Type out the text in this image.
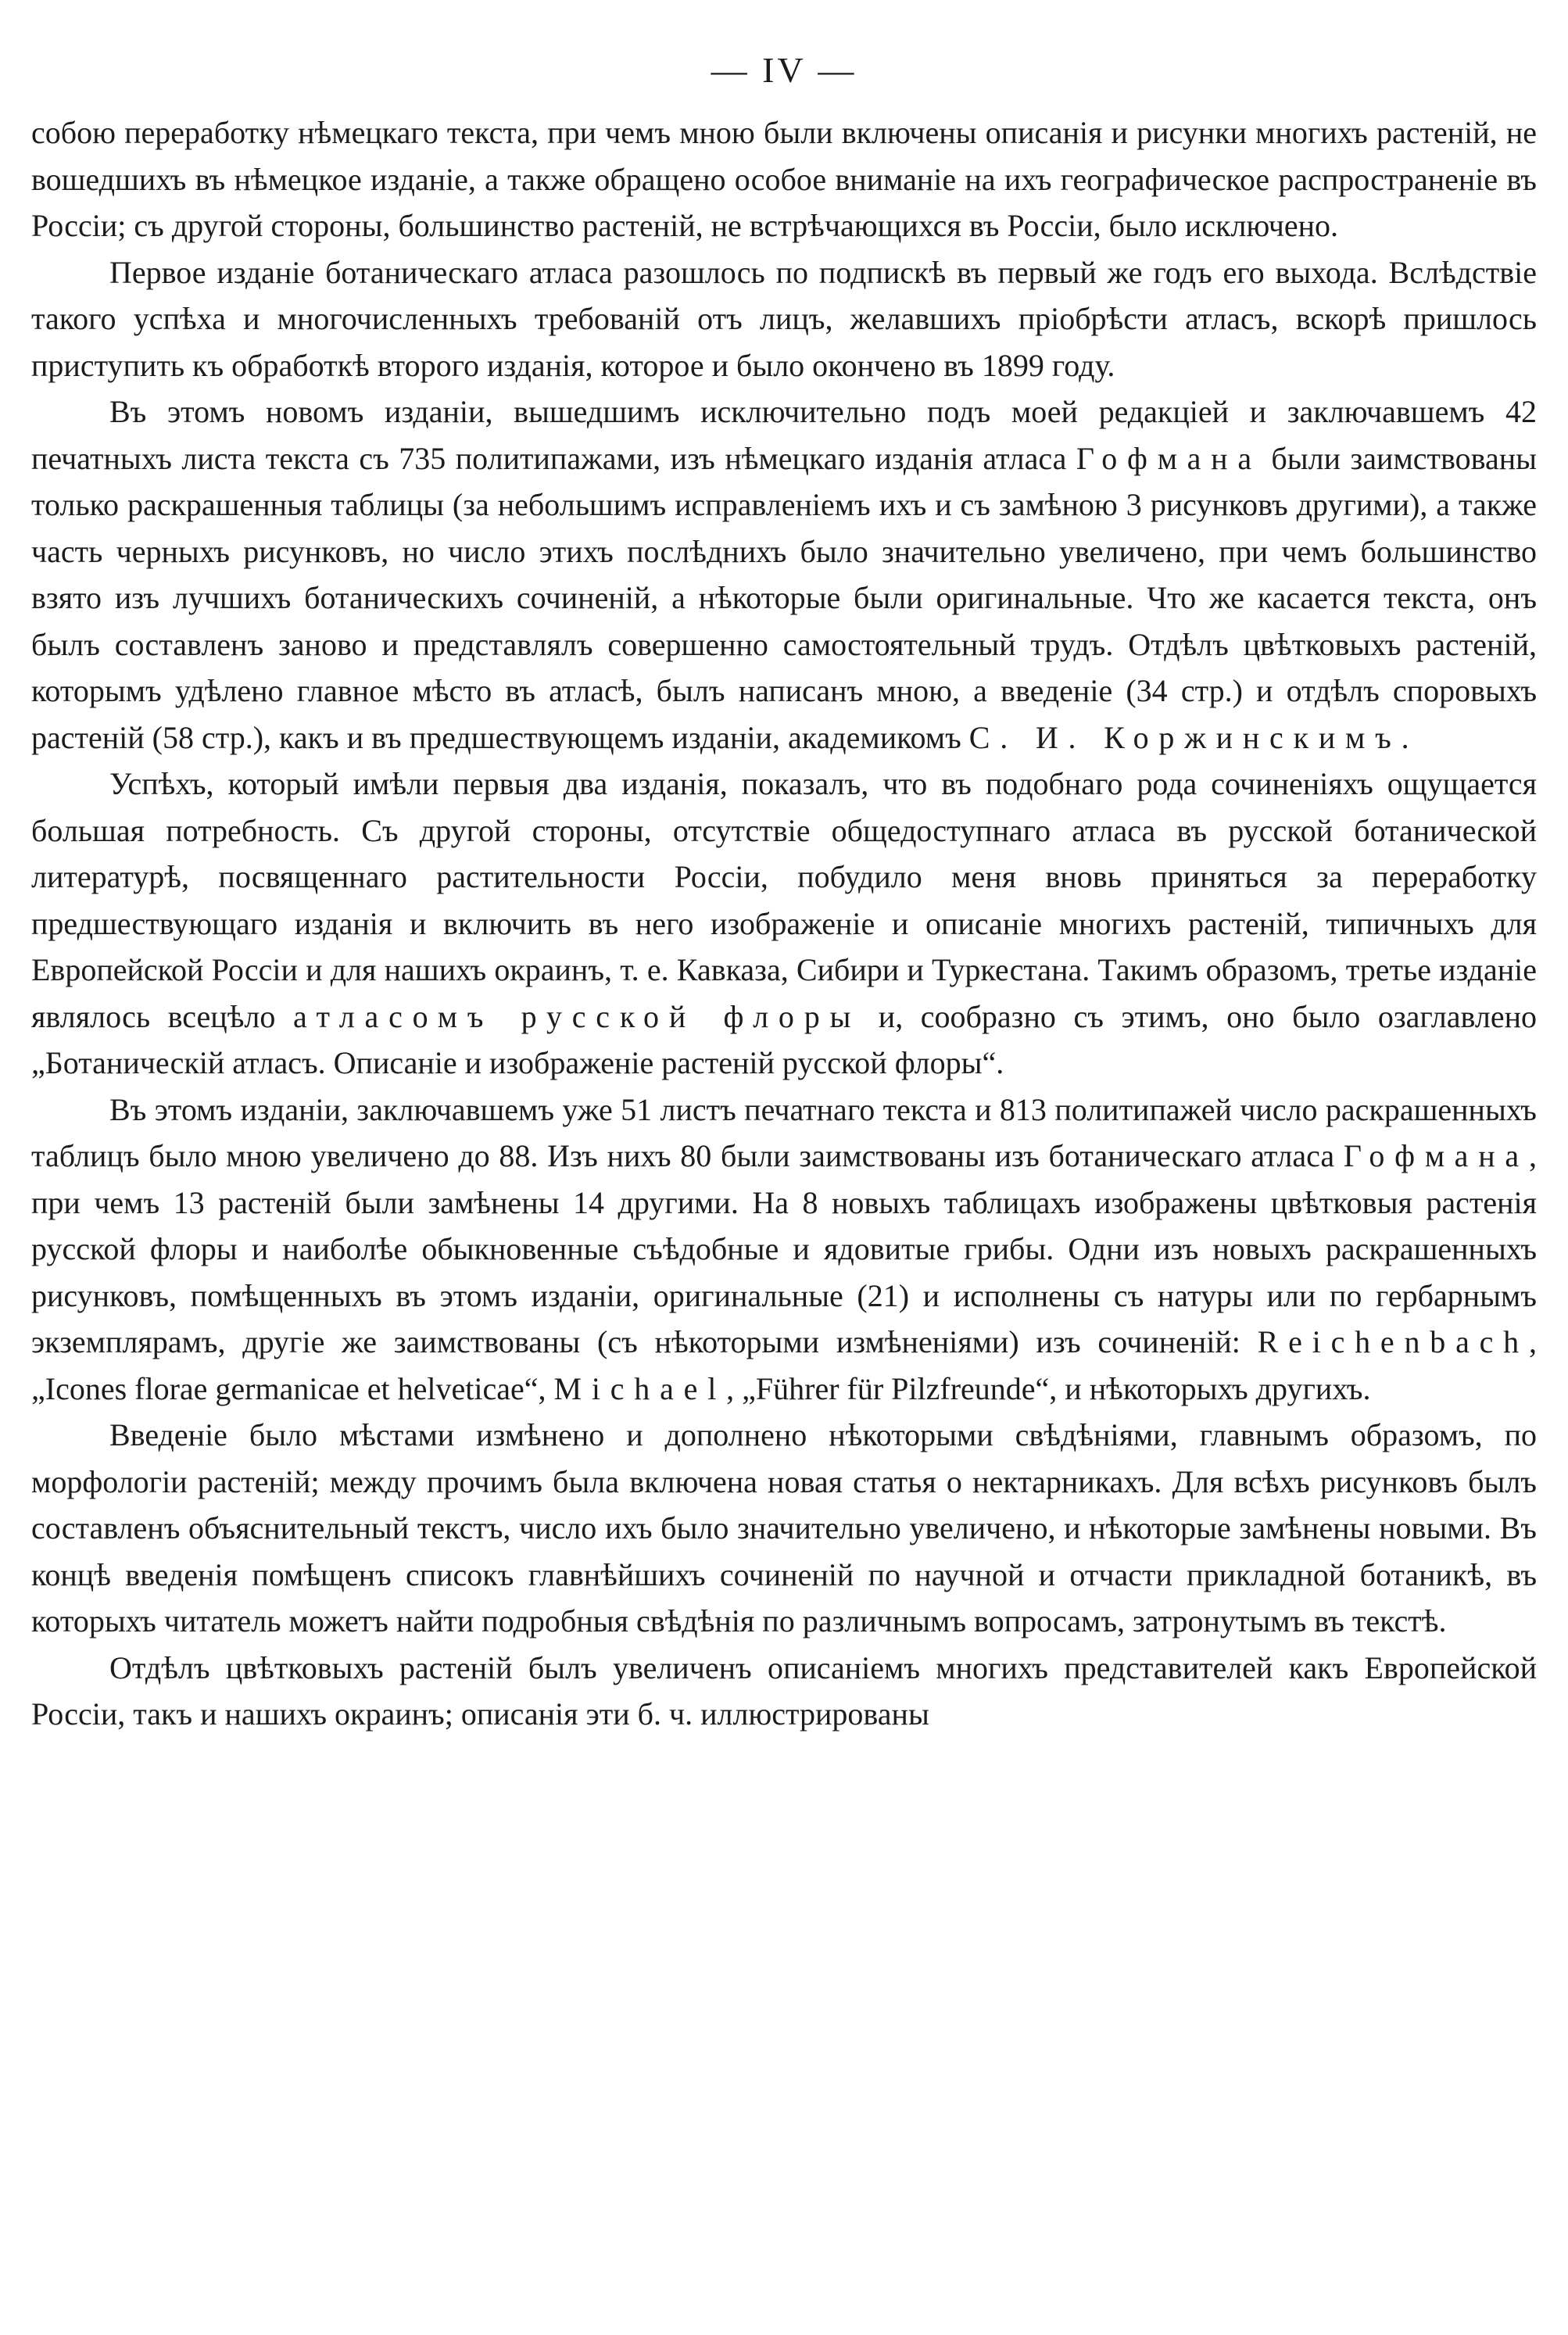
— IV —

собою переработку нѣмецкаго текста, при чемъ мною были включены описанія и рисунки многихъ растеній, не вошедшихъ въ нѣмецкое изданіе, а также обращено особое вниманіе на ихъ географическое распространеніе въ Россіи; съ другой стороны, большинство растеній, не встрѣчающихся въ Россіи, было исключено.

Первое изданіе ботаническаго атласа разошлось по подпискѣ въ первый же годъ его выхода. Вслѣдствіе такого успѣха и многочисленныхъ требованій отъ лицъ, желавшихъ пріобрѣсти атласъ, вскорѣ пришлось приступить къ обработкѣ второго изданія, которое и было окончено въ 1899 году.

Въ этомъ новомъ изданіи, вышедшимъ исключительно подъ моей редакціей и заключавшемъ 42 печатныхъ листа текста съ 735 политипажами, изъ нѣмецкаго изданія атласа Гофмана были заимствованы только раскрашенныя таблицы (за небольшимъ исправленіемъ ихъ и съ замѣною 3 рисунковъ другими), а также часть черныхъ рисунковъ, но число этихъ послѣднихъ было значительно увеличено, при чемъ большинство взято изъ лучшихъ ботаническихъ сочиненій, а нѣкоторые были оригинальные. Что же касается текста, онъ былъ составленъ заново и представлялъ совершенно самостоятельный трудъ. Отдѣлъ цвѣтковыхъ растеній, которымъ удѣлено главное мѣсто въ атласѣ, былъ написанъ мною, а введеніе (34 стр.) и отдѣлъ споровыхъ растеній (58 стр.), какъ и въ предшествующемъ изданіи, академикомъ С. И. Коржинскимъ.

Успѣхъ, который имѣли первыя два изданія, показалъ, что въ подобнаго рода сочиненіяхъ ощущается большая потребность. Съ другой стороны, отсутствіе общедоступнаго атласа въ русской ботанической литературѣ, посвященнаго растительности Россіи, побудило меня вновь приняться за переработку предшествующаго изданія и включить въ него изображеніе и описаніе многихъ растеній, типичныхъ для Европейской Россіи и для нашихъ окраинъ, т. е. Кавказа, Сибири и Туркестана. Такимъ образомъ, третье изданіе являлось всецѣло атласомъ русской флоры и, сообразно съ этимъ, оно было озаглавлено „Ботаническій атласъ. Описаніе и изображеніе растеній русской флоры“.

Въ этомъ изданіи, заключавшемъ уже 51 листъ печатнаго текста и 813 политипажей число раскрашенныхъ таблицъ было мною увеличено до 88. Изъ нихъ 80 были заимствованы изъ ботаническаго атласа Гофмана, при чемъ 13 растеній были замѣнены 14 другими. На 8 новыхъ таблицахъ изображены цвѣтковыя растенія русской флоры и наиболѣе обыкновенные съѣдобные и ядовитые грибы. Одни изъ новыхъ раскрашенныхъ рисунковъ, помѣщенныхъ въ этомъ изданіи, оригинальные (21) и исполнены съ натуры или по гербарнымъ экземплярамъ, другіе же заимствованы (съ нѣкоторыми измѣненіями) изъ сочиненій: Reichenbach, „Icones florae germanicae et helveticae“, Michael, „Führer für Pilzfreunde“, и нѣкоторыхъ другихъ.

Введеніе было мѣстами измѣнено и дополнено нѣкоторыми свѣдѣніями, главнымъ образомъ, по морфологіи растеній; между прочимъ была включена новая статья о нектарникахъ. Для всѣхъ рисунковъ былъ составленъ объяснительный текстъ, число ихъ было значительно увеличено, и нѣкоторые замѣнены новыми. Въ концѣ введенія помѣщенъ списокъ главнѣйшихъ сочиненій по научной и отчасти прикладной ботаникѣ, въ которыхъ читатель можетъ найти подробныя свѣдѣнія по различнымъ вопросамъ, затронутымъ въ текстѣ.

Отдѣлъ цвѣтковыхъ растеній былъ увеличенъ описаніемъ многихъ представителей какъ Европейской Россіи, такъ и нашихъ окраинъ; описанія эти б. ч. иллюстрированы
